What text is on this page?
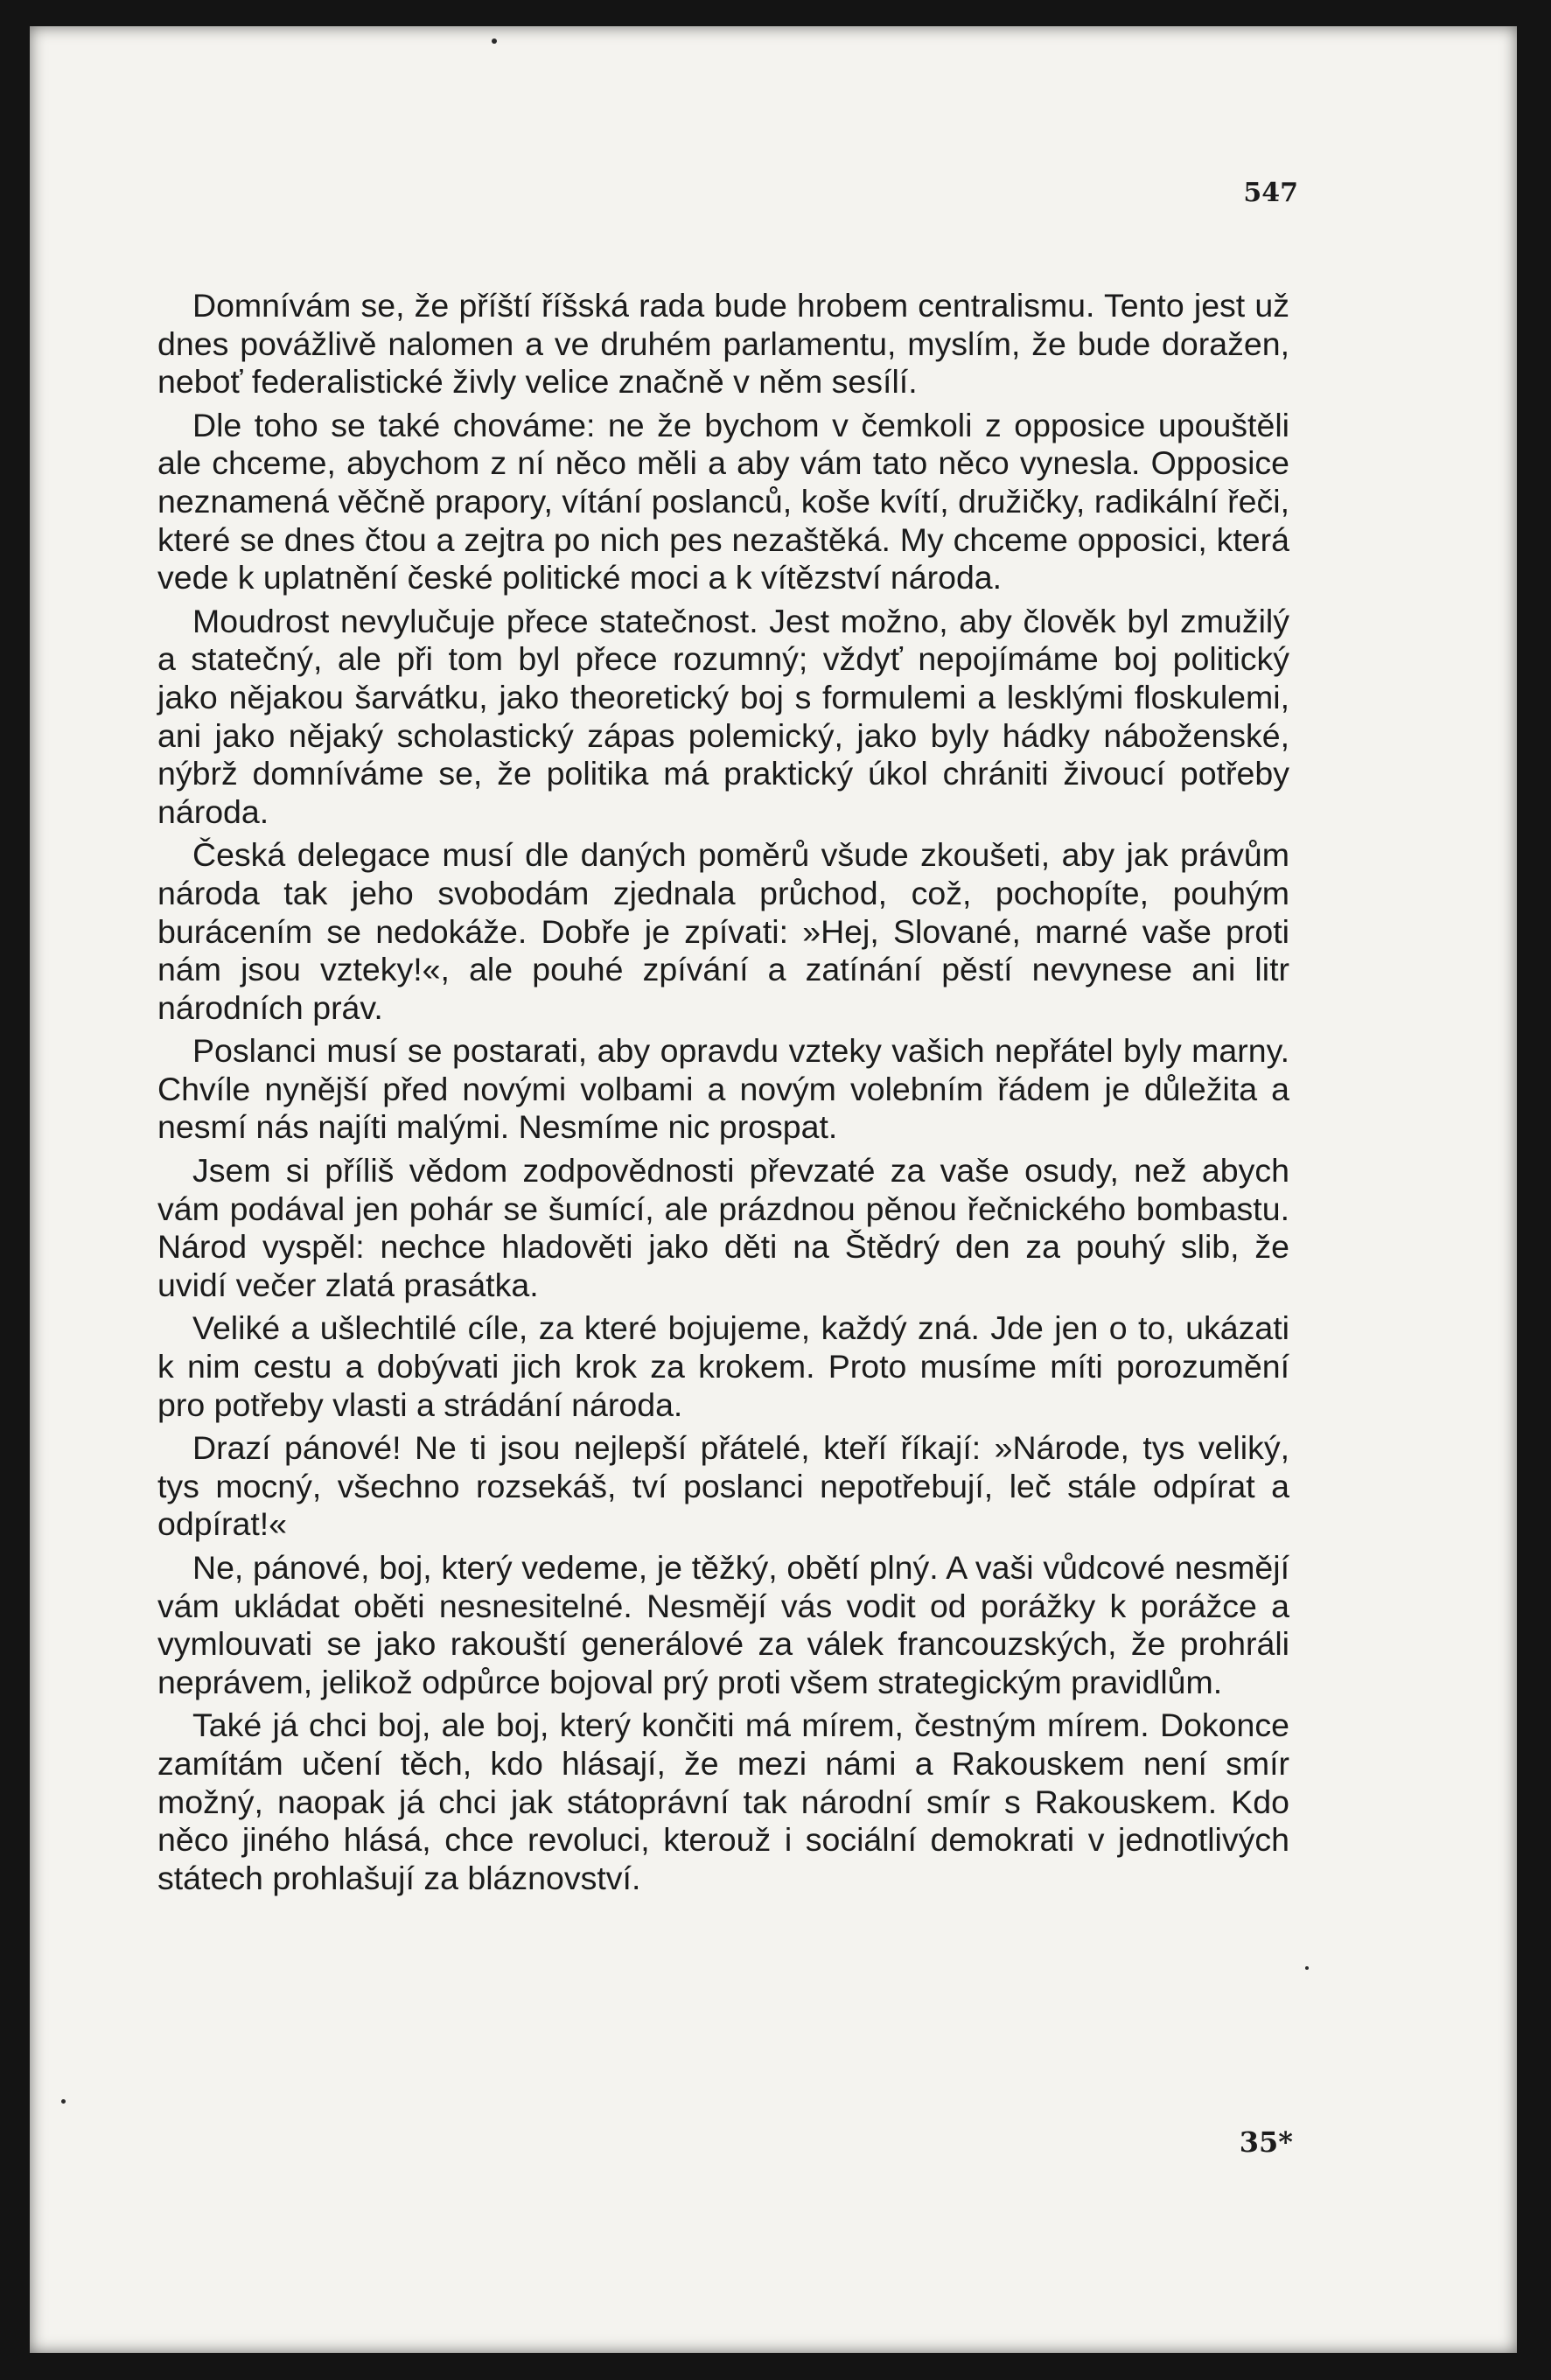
547

Domnívám se, že příští říšská rada bude hrobem centralismu. Tento jest už dnes povážlivě nalomen a ve druhém parlamentu, myslím, že bude doražen, neboť federalistické živly velice značně v něm sesílí.

Dle toho se také chováme: ne že bychom v čemkoli z opposice upouštěli ale chceme, abychom z ní něco měli a aby vám tato něco vynesla. Opposice neznamená věčně prapory, vítání poslanců, koše kvítí, družičky, radikální řeči, které se dnes čtou a zejtra po nich pes nezaštěká. My chceme opposici, která vede k uplatnění české politické moci a k vítězství národa.

Moudrost nevylučuje přece statečnost. Jest možno, aby člověk byl zmužilý a statečný, ale při tom byl přece rozumný; vždyť nepojímáme boj politický jako nějakou šarvátku, jako theoretický boj s formulemi a lesklými floskulemi, ani jako nějaký scholastický zápas polemický, jako byly hádky náboženské, nýbrž domníváme se, že politika má praktický úkol chrániti živoucí potřeby národa.

Česká delegace musí dle daných poměrů všude zkoušeti, aby jak právům národa tak jeho svobodám zjednala průchod, což, pochopíte, pouhým burácením se nedokáže. Dobře je zpívati: »Hej, Slované, marné vaše proti nám jsou vzteky!«, ale pouhé zpívání a zatínání pěstí nevynese ani litr národních práv.

Poslanci musí se postarati, aby opravdu vzteky vašich nepřátel byly marny. Chvíle nynější před novými volbami a novým volebním řádem je důležita a nesmí nás najíti malými. Nesmíme nic prospat.

Jsem si příliš vědom zodpovědnosti převzaté za vaše osudy, než abych vám podával jen pohár se šumící, ale prázdnou pěnou řečnického bombastu. Národ vyspěl: nechce hladověti jako děti na Štědrý den za pouhý slib, že uvidí večer zlatá prasátka.

Veliké a ušlechtilé cíle, za které bojujeme, každý zná. Jde jen o to, ukázati k nim cestu a dobývati jich krok za krokem. Proto musíme míti porozumění pro potřeby vlasti a strádání národa.

Drazí pánové! Ne ti jsou nejlepší přátelé, kteří říkají: »Národe, tys veliký, tys mocný, všechno rozsekáš, tví poslanci nepotřebují, leč stále odpírat a odpírat!«

Ne, pánové, boj, který vedeme, je těžký, obětí plný. A vaši vůdcové nesmějí vám ukládat oběti nesnesitelné. Nesmějí vás vodit od porážky k porážce a vymlouvati se jako rakouští generálové za válek francouzských, že prohráli neprávem, jelikož odpůrce bojoval prý proti všem strategickým pravidlům.

Také já chci boj, ale boj, který končiti má mírem, čestným mírem. Dokonce zamítám učení těch, kdo hlásají, že mezi námi a Rakouskem není smír možný, naopak já chci jak státoprávní tak národní smír s Rakouskem. Kdo něco jiného hlásá, chce revoluci, kterouž i sociální demokrati v jednotlivých státech prohlašují za bláznovství.

35*
